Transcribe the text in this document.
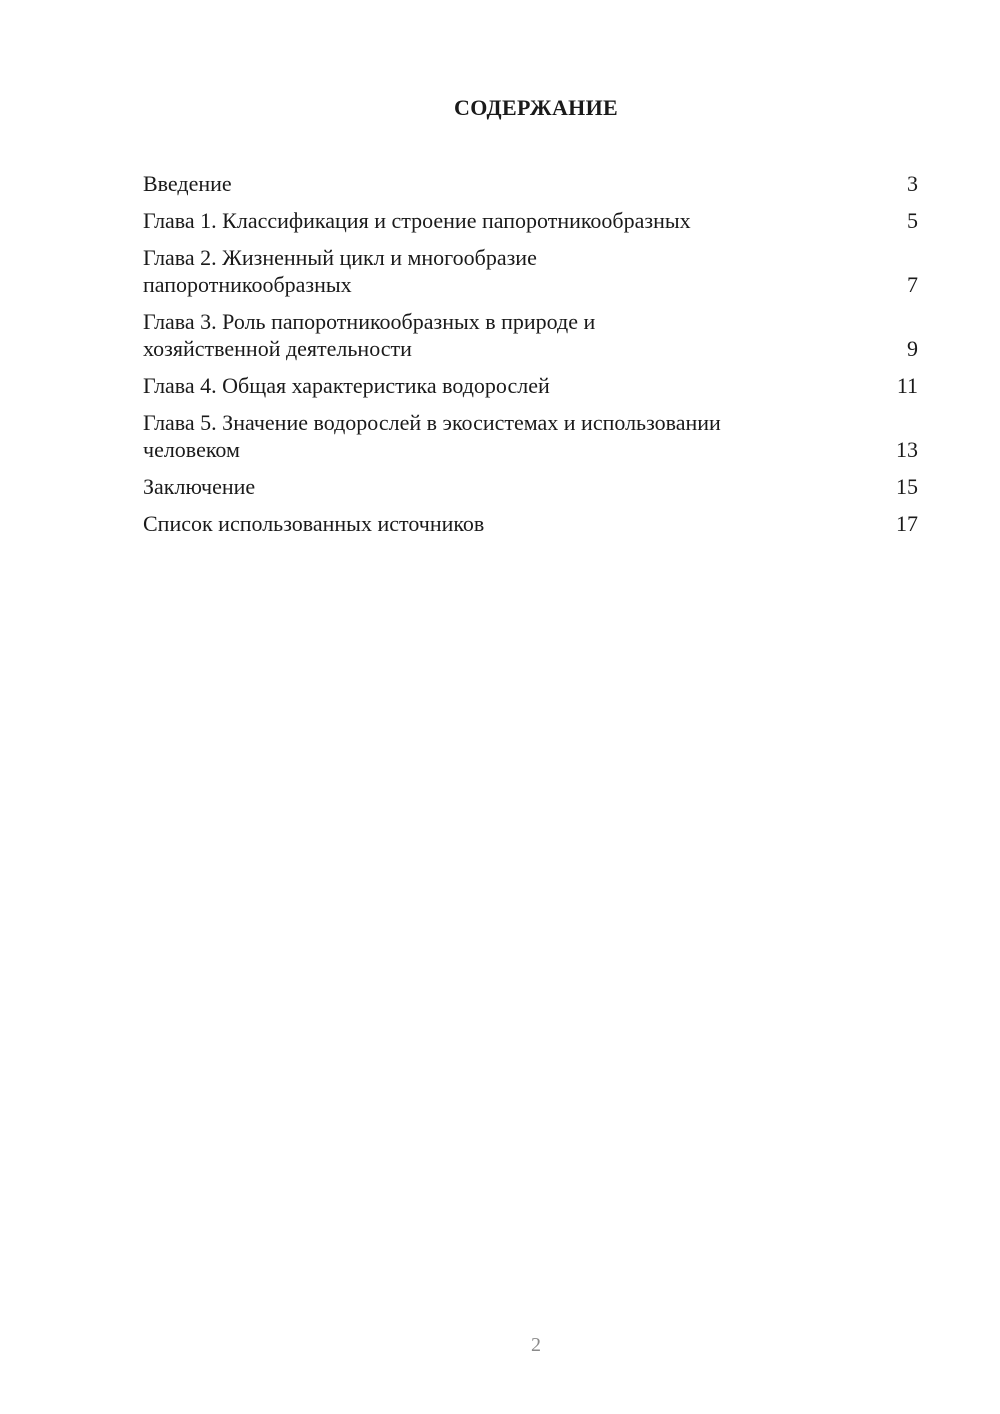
СОДЕРЖАНИЕ
Введение	3
Глава 1. Классификация и строение папоротникообразных	5
Глава 2. Жизненный цикл и многообразие
папоротникообразных	7
Глава 3. Роль папоротникообразных в природе и
хозяйственной деятельности	9
Глава 4. Общая характеристика водорослей	11
Глава 5. Значение водорослей в экосистемах и использовании
человеком	13
Заключение	15
Список использованных источников	17
2
